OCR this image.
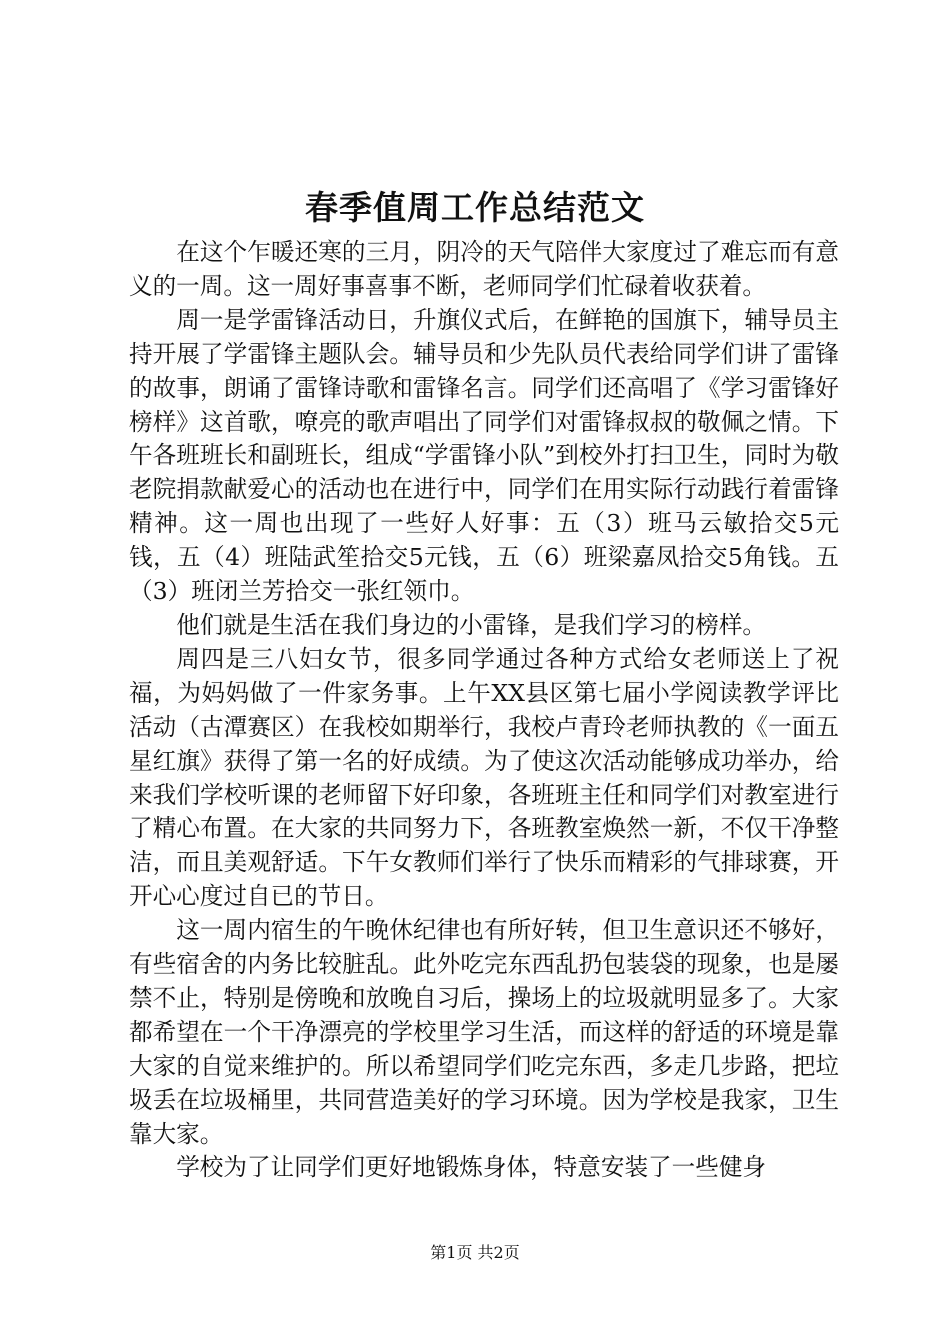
春季值周工作总结范文

在这个乍暖还寒的三月，阴冷的天气陪伴大家度过了难忘而有意义的一周。这一周好事喜事不断，老师同学们忙碌着收获着。

周一是学雷锋活动日，升旗仪式后，在鲜艳的国旗下，辅导员主持开展了学雷锋主题队会。辅导员和少先队员代表给同学们讲了雷锋的故事，朗诵了雷锋诗歌和雷锋名言。同学们还高唱了《学习雷锋好榜样》这首歌，嘹亮的歌声唱出了同学们对雷锋叔叔的敬佩之情。下午各班班长和副班长，组成“学雷锋小队”到校外打扫卫生，同时为敬老院捐款献爱心的活动也在进行中，同学们在用实际行动践行着雷锋精神。这一周也出现了一些好人好事：五（3）班马云敏拾交5元钱，五（4）班陆武笙拾交5元钱，五（6）班梁嘉凤拾交5角钱。五（3）班闭兰芳拾交一张红领巾。

他们就是生活在我们身边的小雷锋，是我们学习的榜样。

周四是三八妇女节，很多同学通过各种方式给女老师送上了祝福，为妈妈做了一件家务事。上午XX县区第七届小学阅读教学评比活动（古潭赛区）在我校如期举行，我校卢青玲老师执教的《一面五星红旗》获得了第一名的好成绩。为了使这次活动能够成功举办，给来我们学校听课的老师留下好印象，各班班主任和同学们对教室进行了精心布置。在大家的共同努力下，各班教室焕然一新，不仅干净整洁，而且美观舒适。下午女教师们举行了快乐而精彩的气排球赛，开开心心度过自已的节日。

这一周内宿生的午晚休纪律也有所好转，但卫生意识还不够好，有些宿舍的内务比较脏乱。此外吃完东西乱扔包装袋的现象，也是屡禁不止，特别是傍晚和放晚自习后，操场上的垃圾就明显多了。大家都希望在一个干净漂亮的学校里学习生活，而这样的舒适的环境是靠大家的自觉来维护的。所以希望同学们吃完东西，多走几步路，把垃圾丢在垃圾桶里，共同营造美好的学习环境。因为学校是我家，卫生靠大家。

学校为了让同学们更好地锻炼身体，特意安装了一些健身

第1页 共2页
